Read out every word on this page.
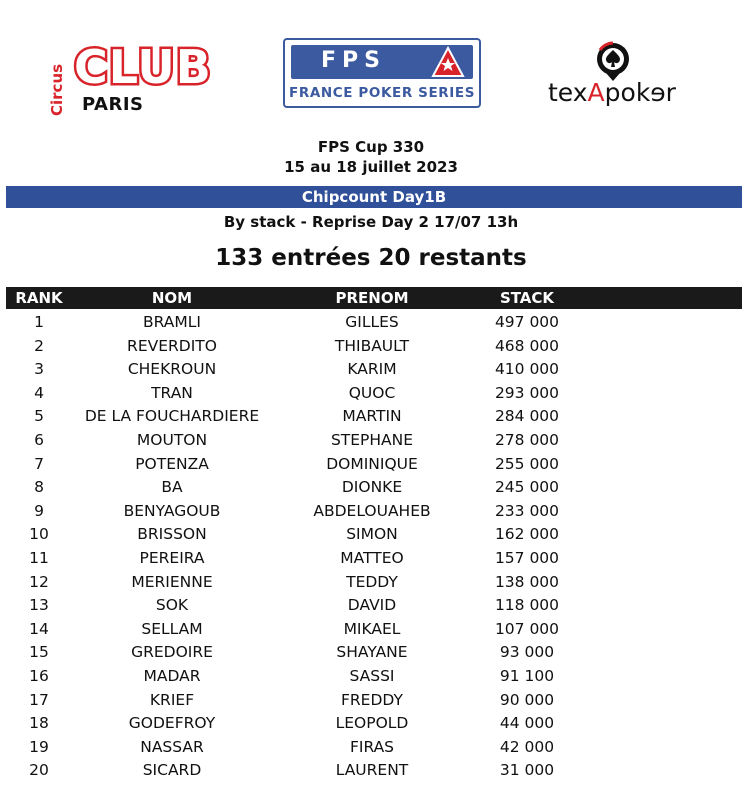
Circus CLUB
PARIS
FPS
FRANCE POKER SERIES	texApokɘr
FPS Cup 330
15 au 18 juillet 2023
Chipcount Day1B
By stack - Reprise Day 2 17/07 13h
133 entrées 20 restants
RANK	NOM	PRENOM	STACK
1	BRAMLI	GILLES	497 000
2	REVERDITO	THIBAULT	468 000
3	CHEKROUN	KARIM	410 000
4	TRAN	QUOC	293 000
5	DE LA FOUCHARDIERE	MARTIN	284 000
6	MOUTON	STEPHANE	278 000
7	POTENZA	DOMINIQUE	255 000
8	BA	DIONKE	245 000
9	BENYAGOUB	ABDELOUAHEB	233 000
10	BRISSON	SIMON	162 000
11	PEREIRA	MATTEO	157 000
12	MERIENNE	TEDDY	138 000
13	SOK	DAVID	118 000
14	SELLAM	MIKAEL	107 000
15	GREDOIRE	SHAYANE	93 000
16	MADAR	SASSI	91 100
17	KRIEF	FREDDY	90 000
18	GODEFROY	LEOPOLD	44 000
19	NASSAR	FIRAS	42 000
20	SICARD	LAURENT	31 000
